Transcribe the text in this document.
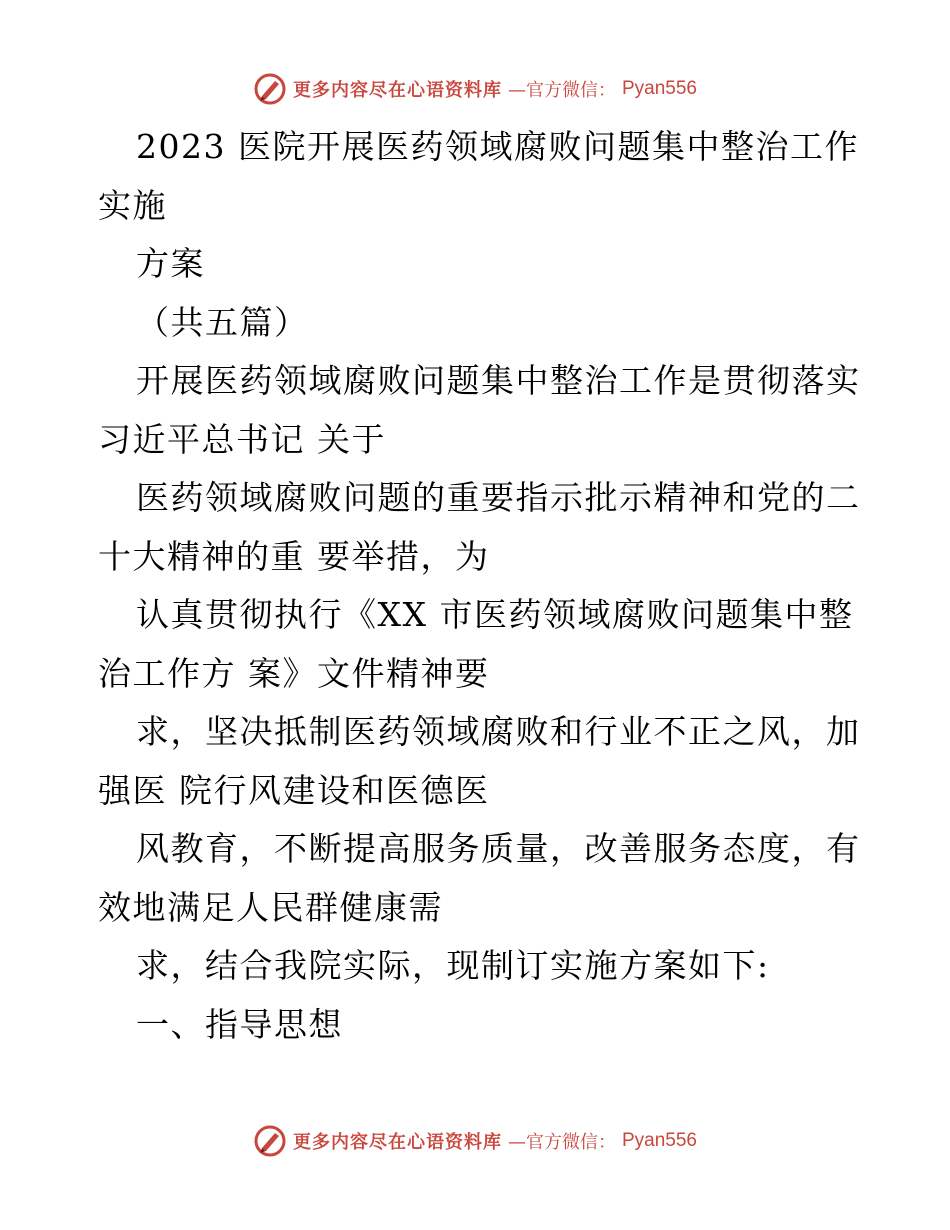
更多内容尽在心语资料库 —官方微信： Pyan556
2023 医院开展医药领域腐败问题集中整治工作
实施
方案
（共五篇）
开展医药领域腐败问题集中整治工作是贯彻落实
习近平总书记 关于
医药领域腐败问题的重要指示批示精神和党的二
十大精神的重 要举措，为
认真贯彻执行《XX 市医药领域腐败问题集中整
治工作方 案》文件精神要
求，坚决抵制医药领域腐败和行业不正之风，加
强医 院行风建设和医德医
风教育，不断提高服务质量，改善服务态度，有
效地满足人民群健康需
求，结合我院实际，现制订实施方案如下:
一、指导思想
更多内容尽在心语资料库 —官方微信： Pyan556
